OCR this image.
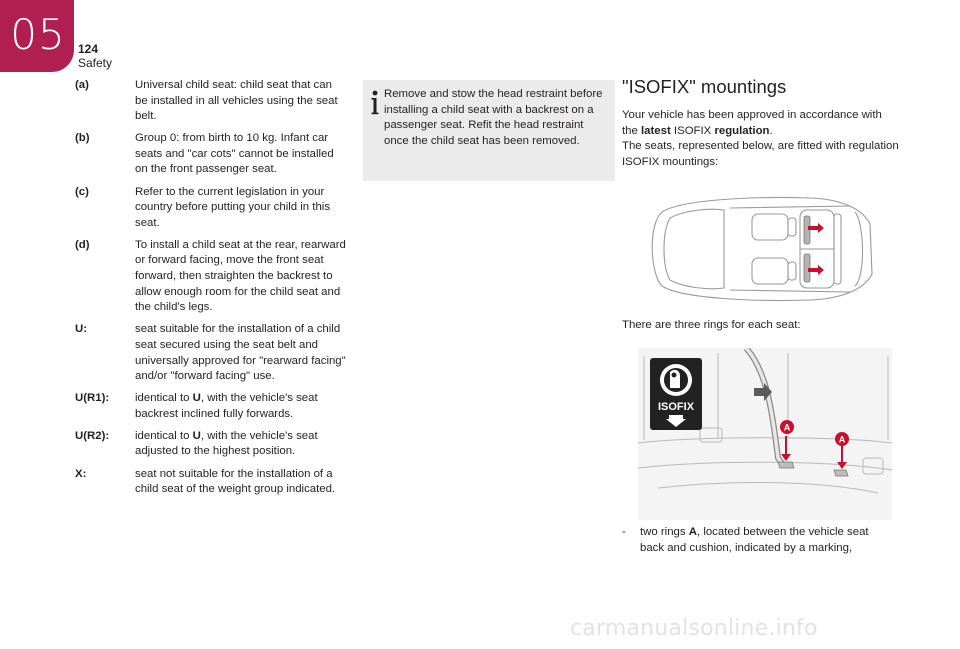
05 124
Safety
(a)	Universal child seat: child seat that can be installed in all vehicles using the seat belt.
(b)	Group 0: from birth to 10 kg. Infant car seats and "car cots" cannot be installed on the front passenger seat.
(c)	Refer to the current legislation in your country before putting your child in this seat.
(d)	To install a child seat at the rear, rearward or forward facing, move the front seat forward, then straighten the backrest to allow enough room for the child seat and the child's legs.
U:	seat suitable for the installation of a child seat secured using the seat belt and universally approved for "rearward facing" and/or "forward facing" use.
U(R1):	identical to U, with the vehicle's seat backrest inclined fully forwards.
U(R2):	identical to U, with the vehicle's seat adjusted to the highest position.
X:	seat not suitable for the installation of a child seat of the weight group indicated.
Remove and stow the head restraint before installing a child seat with a backrest on a passenger seat. Refit the head restraint once the child seat has been removed.
"ISOFIX" mountings

Your vehicle has been approved in accordance with the latest ISOFIX regulation.

The seats, represented below, are fitted with regulation ISOFIX mountings:

There are three rings for each seat:
ISOFIX
A
A
-	two rings A, located between the vehicle seat back and cushion, indicated by a marking,
carmanualsonline.info
